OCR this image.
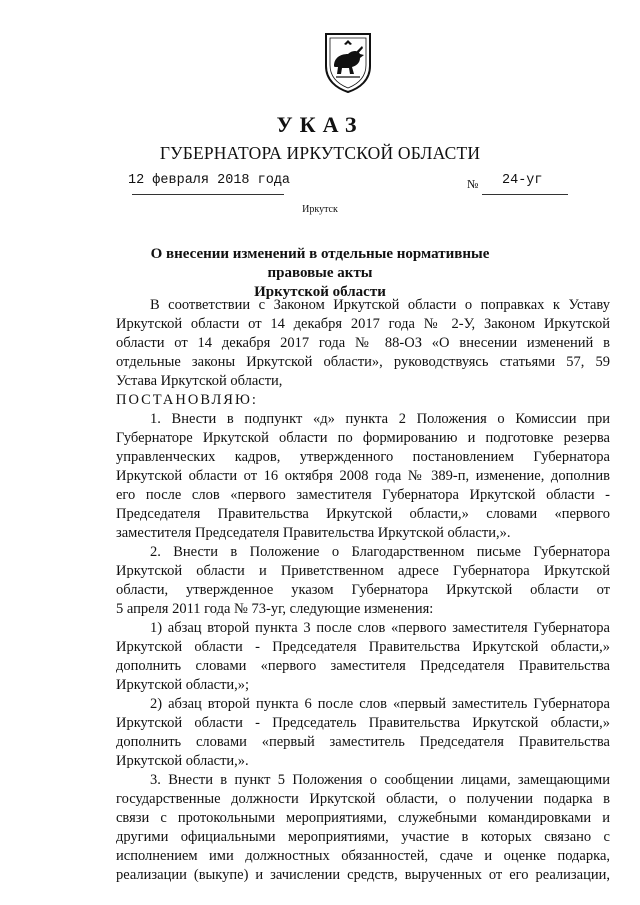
УКАЗ
ГУБЕРНАТОРА ИРКУТСКОЙ ОБЛАСТИ
12 февраля 2018 года	№ 24-уг
Иркутск
О внесении изменений в отдельные нормативные правовые акты
Иркутской области
В соответствии с Законом Иркутской области о поправках к Уставу
Иркутской области от 14 декабря 2017 года № 2-У, Законом Иркутской
области от 14 декабря 2017 года № 88-ОЗ «О внесении изменений в
отдельные законы Иркутской области», руководствуясь статьями 57, 59
Устава Иркутской области,
ПОСТАНОВЛЯЮ:
1. Внести в подпункт «д» пункта 2 Положения о Комиссии при
Губернаторе Иркутской области по формированию и подготовке резерва
управленческих кадров, утвержденного постановлением Губернатора
Иркутской области от 16 октября 2008 года № 389-п, изменение, дополнив
его после слов «первого заместителя Губернатора Иркутской области -
Председателя Правительства Иркутской области,» словами «первого
заместителя Председателя Правительства Иркутской области,».
2. Внести в Положение о Благодарственном письме Губернатора
Иркутской области и Приветственном адресе Губернатора Иркутской
области, утвержденное указом Губернатора Иркутской области от
5 апреля 2011 года № 73-уг, следующие изменения:
1) абзац второй пункта 3 после слов «первого заместителя Губернатора
Иркутской области - Председателя Правительства Иркутской области,»
дополнить словами «первого заместителя Председателя Правительства
Иркутской области,»;
2) абзац второй пункта 6 после слов «первый заместитель Губернатора
Иркутской области - Председатель Правительства Иркутской области,»
дополнить словами «первый заместитель Председателя Правительства
Иркутской области,».
3. Внести в пункт 5 Положения о сообщении лицами, замещающими
государственные должности Иркутской области, о получении подарка в
связи с протокольными мероприятиями, служебными командировками и
другими официальными мероприятиями, участие в которых связано с
исполнением ими должностных обязанностей, сдаче и оценке подарка,
реализации (выкупе) и зачислении средств, вырученных от его реализации,
